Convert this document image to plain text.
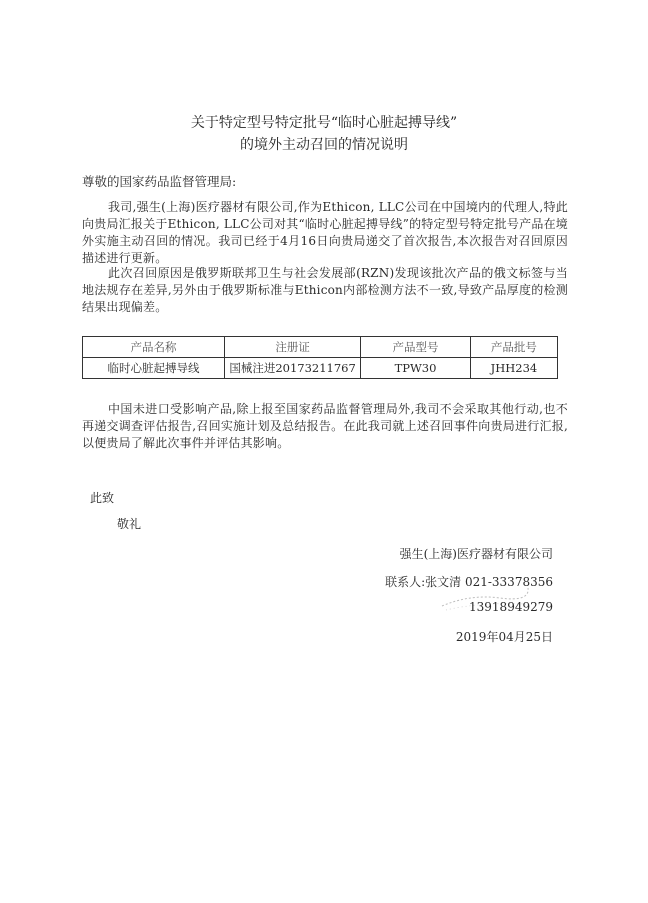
关于特定型号特定批号“临时心脏起搏导线”
的境外主动召回的情况说明
尊敬的国家药品监督管理局:
我司,强生(上海)医疗器材有限公司,作为Ethicon, LLC公司在中国境内的代理人,特此向贵局汇报关于Ethicon, LLC公司对其“临时心脏起搏导线”的特定型号特定批号产品在境外实施主动召回的情况。我司已经于4月16日向贵局递交了首次报告,本次报告对召回原因描述进行更新。
此次召回原因是俄罗斯联邦卫生与社会发展部(RZN)发现该批次产品的俄文标签与当地法规存在差异,另外由于俄罗斯标准与Ethicon内部检测方法不一致,导致产品厚度的检测结果出现偏差。
产品名称	注册证	产品型号	产品批号
临时心脏起搏导线	国械注进20173211767	TPW30	JHH234
中国未进口受影响产品,除上报至国家药品监督管理局外,我司不会采取其他行动,也不再递交调查评估报告,召回实施计划及总结报告。在此我司就上述召回事件向贵局进行汇报,以便贵局了解此次事件并评估其影响。
此致
敬礼
强生(上海)医疗器材有限公司
联系人:张文清 021-33378356
13918949279
2019年04月25日
